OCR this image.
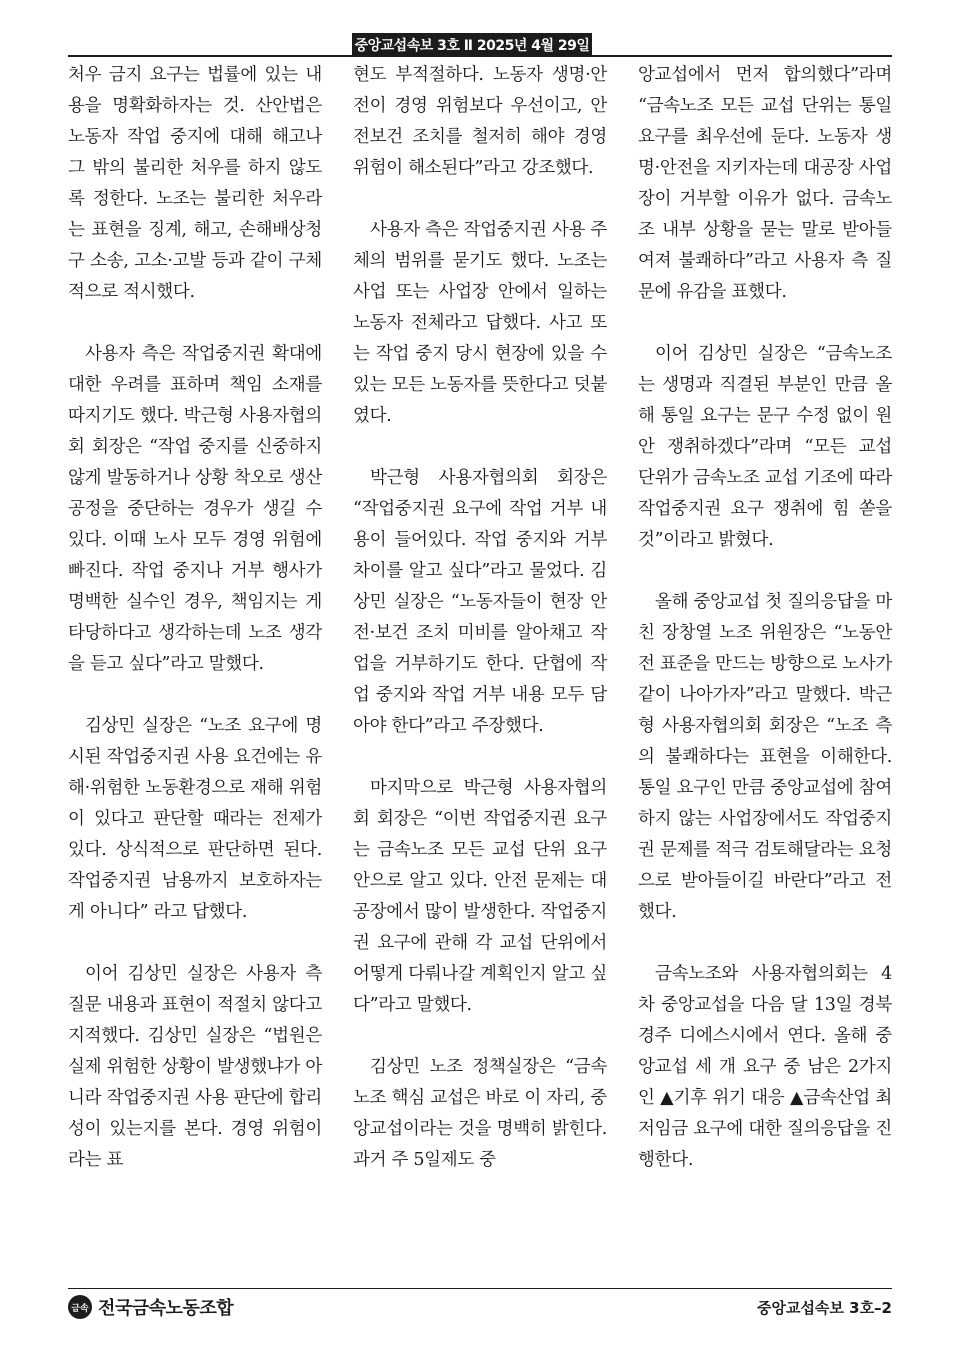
중앙교섭속보 3호 Ⅱ 2025년 4월 29일

처우 금지 요구는 법률에 있는 내용을 명확화하자는 것. 산안법은 노동자 작업 중지에 대해 해고나 그 밖의 불리한 처우를 하지 않도록 정한다. 노조는 불리한 처우라는 표현을 징계, 해고, 손해배상청구 소송, 고소·고발 등과 같이 구체적으로 적시했다.

사용자 측은 작업중지권 확대에 대한 우려를 표하며 책임 소재를 따지기도 했다. 박근형 사용자협의회 회장은 “작업 중지를 신중하지 않게 발동하거나 상황 착오로 생산 공정을 중단하는 경우가 생길 수 있다. 이때 노사 모두 경영 위험에 빠진다. 작업 중지나 거부 행사가 명백한 실수인 경우, 책임지는 게 타당하다고 생각하는데 노조 생각을 듣고 싶다”라고 말했다.

김상민 실장은 “노조 요구에 명시된 작업중지권 사용 요건에는 유해·위험한 노동환경으로 재해 위험이 있다고 판단할 때라는 전제가 있다. 상식적으로 판단하면 된다. 작업중지권 남용까지 보호하자는 게 아니다” 라고 답했다.

이어 김상민 실장은 사용자 측 질문 내용과 표현이 적절치 않다고 지적했다. 김상민 실장은 “법원은 실제 위험한 상황이 발생했냐가 아니라 작업중지권 사용 판단에 합리성이 있는지를 본다. 경영 위험이라는 표

현도 부적절하다. 노동자 생명·안전이 경영 위험보다 우선이고, 안전보건 조치를 철저히 해야 경영 위험이 해소된다”라고 강조했다.

사용자 측은 작업중지권 사용 주체의 범위를 묻기도 했다. 노조는 사업 또는 사업장 안에서 일하는 노동자 전체라고 답했다. 사고 또는 작업 중지 당시 현장에 있을 수 있는 모든 노동자를 뜻한다고 덧붙였다.

박근형 사용자협의회 회장은 “작업중지권 요구에 작업 거부 내용이 들어있다. 작업 중지와 거부 차이를 알고 싶다”라고 물었다. 김상민 실장은 “노동자들이 현장 안전·보건 조치 미비를 알아채고 작업을 거부하기도 한다. 단협에 작업 중지와 작업 거부 내용 모두 담아야 한다”라고 주장했다.

마지막으로 박근형 사용자협의회 회장은 “이번 작업중지권 요구는 금속노조 모든 교섭 단위 요구안으로 알고 있다. 안전 문제는 대공장에서 많이 발생한다. 작업중지권 요구에 관해 각 교섭 단위에서 어떻게 다뤄나갈 계획인지 알고 싶다”라고 말했다.

김상민 노조 정책실장은 “금속노조 핵심 교섭은 바로 이 자리, 중앙교섭이라는 것을 명백히 밝힌다. 과거 주 5일제도 중

앙교섭에서 먼저 합의했다”라며 “금속노조 모든 교섭 단위는 통일 요구를 최우선에 둔다. 노동자 생명·안전을 지키자는데 대공장 사업장이 거부할 이유가 없다. 금속노조 내부 상황을 묻는 말로 받아들여져 불쾌하다”라고 사용자 측 질문에 유감을 표했다.

이어 김상민 실장은 “금속노조는 생명과 직결된 부분인 만큼 올해 통일 요구는 문구 수정 없이 원안 쟁취하겠다”라며 “모든 교섭 단위가 금속노조 교섭 기조에 따라 작업중지권 요구 쟁취에 힘 쏟을 것”이라고 밝혔다.

올해 중앙교섭 첫 질의응답을 마친 장창열 노조 위원장은 “노동안전 표준을 만드는 방향으로 노사가 같이 나아가자”라고 말했다. 박근형 사용자협의회 회장은 “노조 측의 불쾌하다는 표현을 이해한다. 통일 요구인 만큼 중앙교섭에 참여하지 않는 사업장에서도 작업중지권 문제를 적극 검토해달라는 요청으로 받아들이길 바란다”라고 전했다.

금속노조와 사용자협의회는 4차 중앙교섭을 다음 달 13일 경북 경주 디에스시에서 연다. 올해 중앙교섭 세 개 요구 중 남은 2가지인 ▲기후 위기 대응 ▲금속산업 최저임금 요구에 대한 질의응답을 진행한다.

금속 전국금속노동조합	중앙교섭속보 3호–2
